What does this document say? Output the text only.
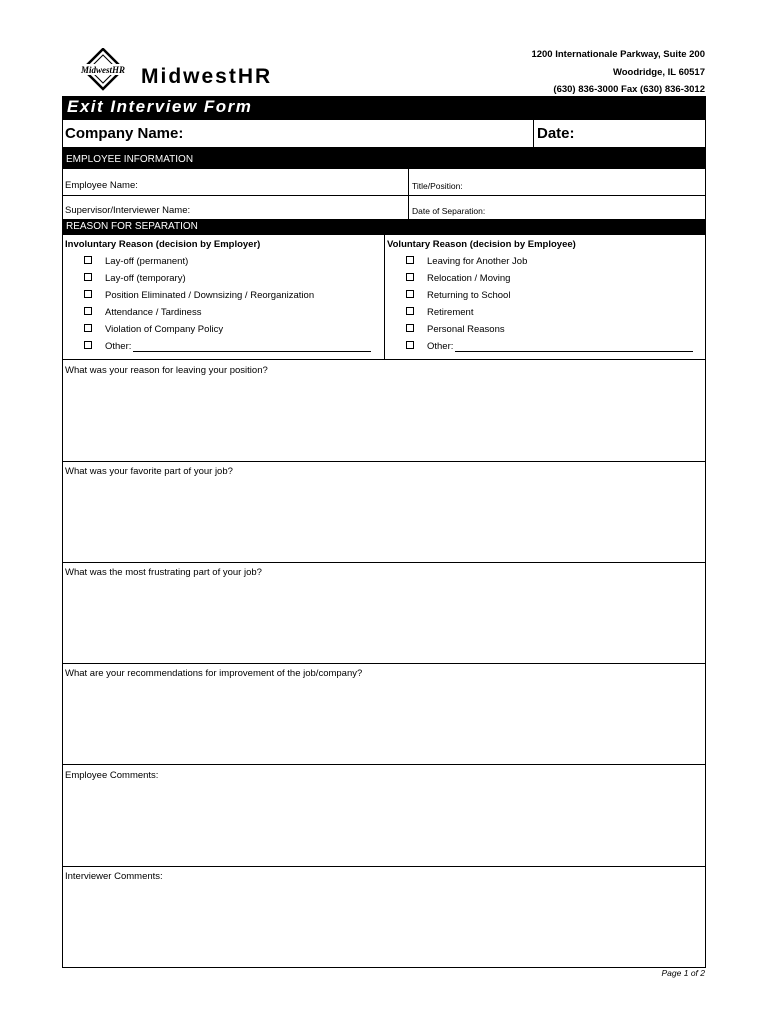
MidwestHR MidwestHR
1200 Internationale Parkway, Suite 200
Woodridge, IL 60517
(630) 836-3000 Fax (630) 836-3012
Exit Interview Form
Company Name:	Date:
EMPLOYEE INFORMATION
Employee Name:	Title/Position:
Supervisor/Interviewer Name:	Date of Separation:
REASON FOR SEPARATION
Involuntary Reason (decision by Employer)	Voluntary Reason (decision by Employee)
Lay-off (permanent)
Lay-off (temporary)
Position Eliminated / Downsizing / Reorganization
Attendance / Tardiness
Violation of Company Policy
Other:
Leaving for Another Job
Relocation / Moving
Returning to School
Retirement
Personal Reasons
Other:
What was your reason for leaving your position?
What was your favorite part of your job?
What was the most frustrating part of your job?
What are your recommendations for improvement of the job/company?
Employee Comments:
Interviewer Comments:
Page 1 of 2
